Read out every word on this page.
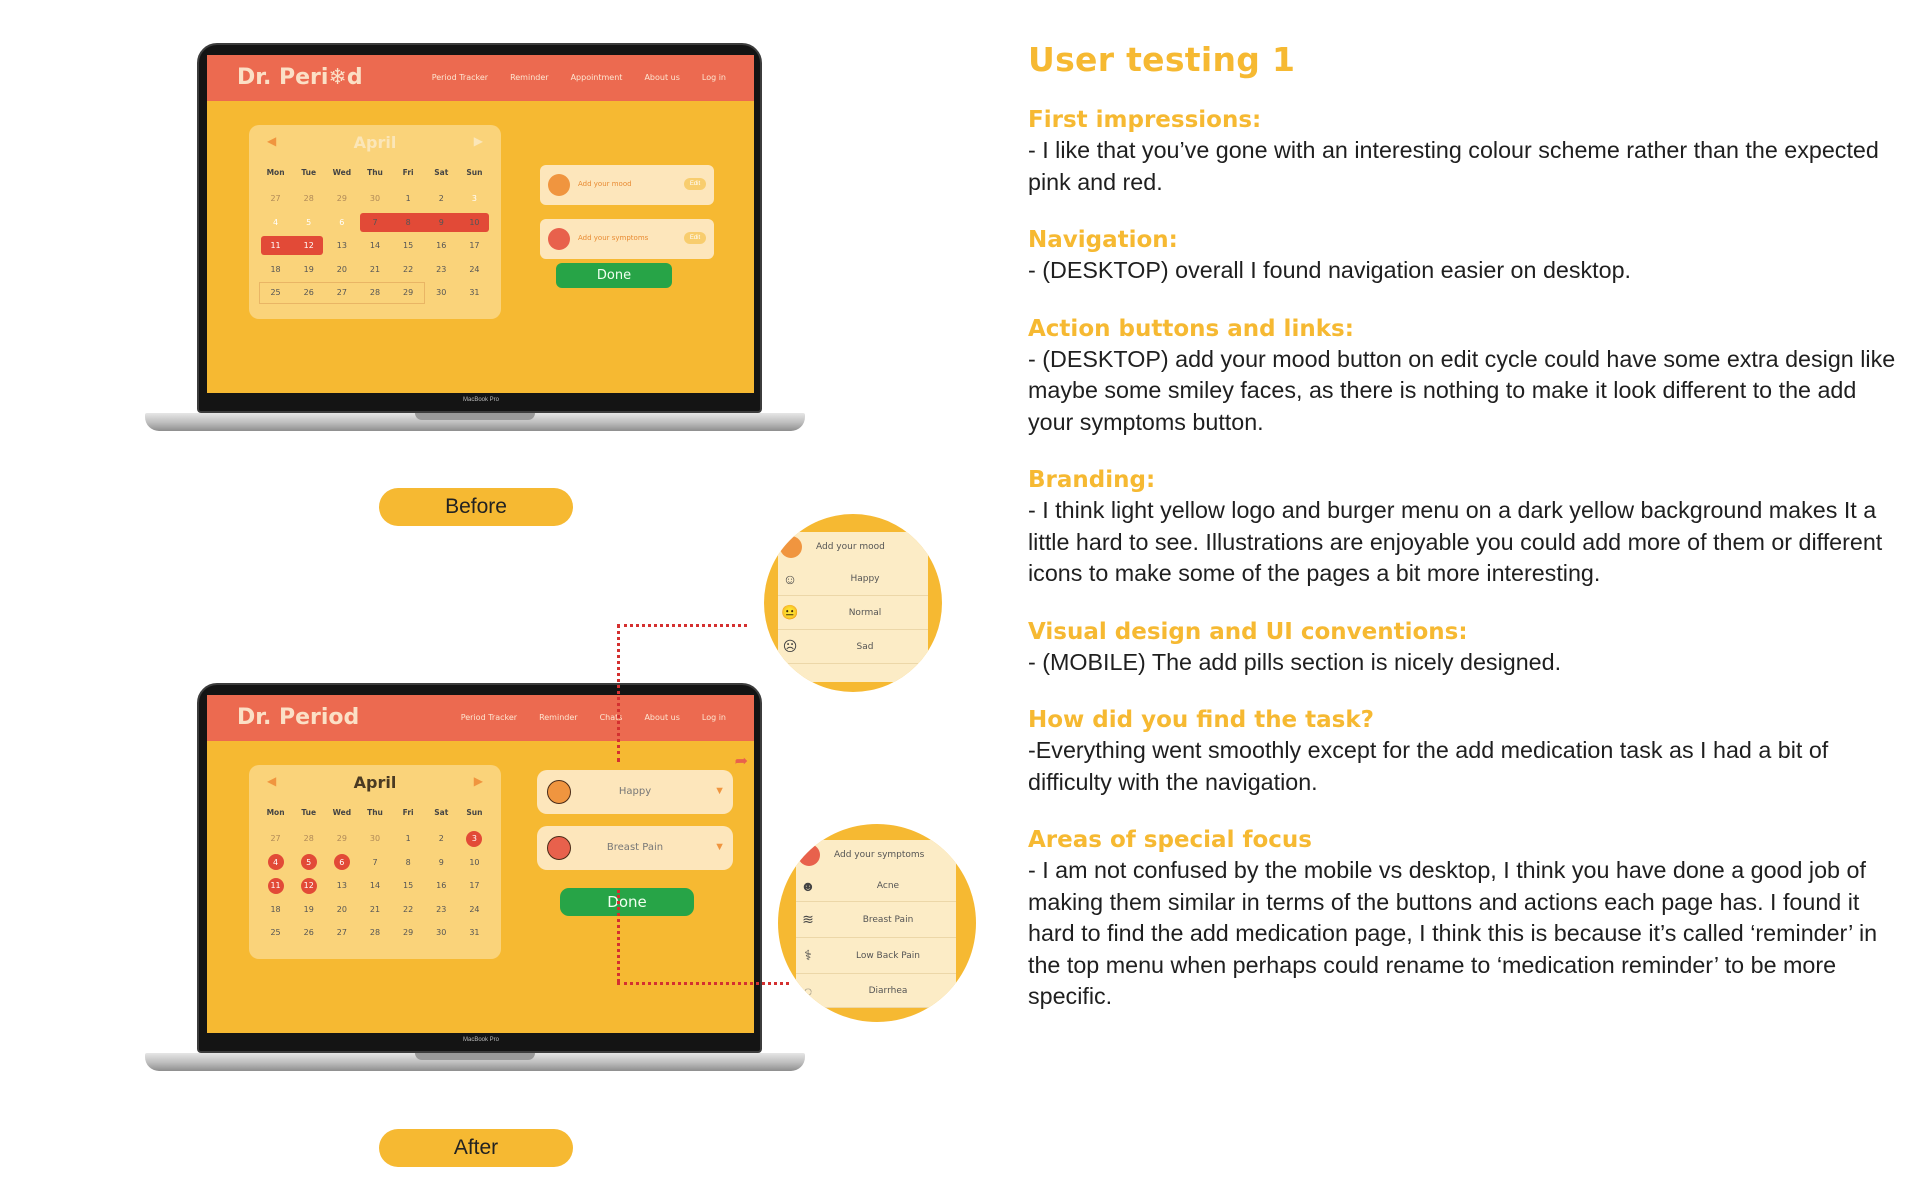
Dr. Peri❄d	Period Tracker	Reminder	Appointment	About us	Log in
◀	April	▶
Mon	Tue	Wed	Thu	Fri	Sat	Sun
27	28	29	30	1	2	3
4	5	6	7	8	9	10
11	12	13	14	15	16	17
18	19	20	21	22	23	24
25	26	27	28	29	30	31
Add your mood	Edit
Add your symptoms	Edit
Done
MacBook Pro
Before
Dr. Period	Period Tracker	Reminder	Chats	About us	Log in
➦
◀	April	▶
Mon	Tue	Wed	Thu	Fri	Sat	Sun
27	28	29	30	1	2	3
4	5	6	7	8	9	10
11	12	13	14	15	16	17
18	19	20	21	22	23	24
25	26	27	28	29	30	31
Happy	▼
Breast Pain	▼
Done
MacBook Pro
After
Add your mood
☺	Happy
😐	Normal
☹	Sad
Add your symptoms
☻	Acne
≋	Breast Pain
⚕	Low Back Pain
◌	Diarrhea
User testing 1
First impressions:

- I like that you’ve gone with an interesting colour scheme rather than the expected pink and red.

Navigation:

- (DESKTOP) overall I found navigation easier on desktop.

Action buttons and links:

- (DESKTOP) add your mood button on edit cycle could have some extra design like maybe some smiley faces, as there is nothing to make it look different to the add your symptoms button.

Branding:

- I think light yellow logo and burger menu on a dark yellow background makes It a little hard to see. Illustrations are enjoyable you could add more of them or different icons to make some of the pages a bit more interesting.

Visual design and UI conventions:

- (MOBILE) The add pills section is nicely designed.

How did you find the task?

-Everything went smoothly except for the add medication task as I had a bit of difficulty with the navigation.

Areas of special focus

- I am not confused by the mobile vs desktop, I think you have done a good job of making them similar in terms of the buttons and actions each page has. I found it hard to find the add medication page, I think this is because it’s called ‘reminder’ in the top menu when perhaps could rename to ‘medication reminder’ to be more specific.
